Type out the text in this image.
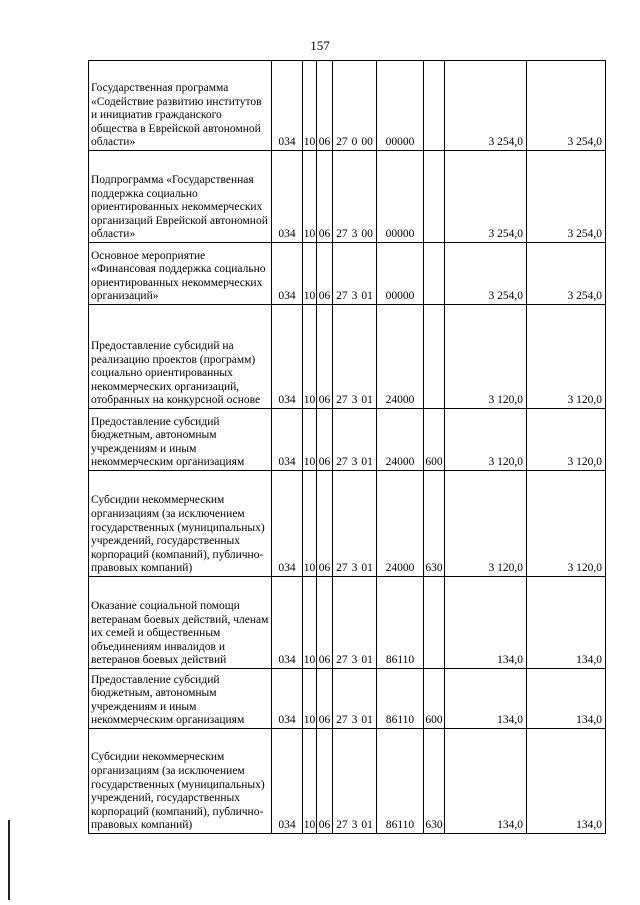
157
Государственная программа «Содействие развитию институтов и инициатив гражданского общества в Еврейской автономной области»	034	10	06	27 0 00	00000		3 254,0	3 254,0
Подпрограмма «Государственная поддержка социально ориентированных некоммерческих организаций Еврейской автономной области»	034	10	06	27 3 00	00000		3 254,0	3 254,0
Основное мероприятие «Финансовая поддержка социально ориентированных некоммерческих организаций»	034	10	06	27 3 01	00000		3 254,0	3 254,0
Предоставление субсидий на реализацию проектов (программ) социально ориентированных некоммерческих организаций, отобранных на конкурсной основе	034	10	06	27 3 01	24000		3 120,0	3 120,0
Предоставление субсидий бюджетным, автономным учреждениям и иным некоммерческим организациям	034	10	06	27 3 01	24000	600	3 120,0	3 120,0
Субсидии некоммерческим организациям (за исключением государственных (муниципальных) учреждений, государственных корпораций (компаний), публично-правовых компаний)	034	10	06	27 3 01	24000	630	3 120,0	3 120,0
Оказание социальной помощи ветеранам боевых действий, членам их семей и общественным объединениям инвалидов и ветеранов боевых действий	034	10	06	27 3 01	86110		134,0	134,0
Предоставление субсидий бюджетным, автономным учреждениям и иным некоммерческим организациям	034	10	06	27 3 01	86110	600	134,0	134,0
Субсидии некоммерческим организациям (за исключением государственных (муниципальных) учреждений, государственных корпораций (компаний), публично-правовых компаний)	034	10	06	27 3 01	86110	630	134,0	134,0
